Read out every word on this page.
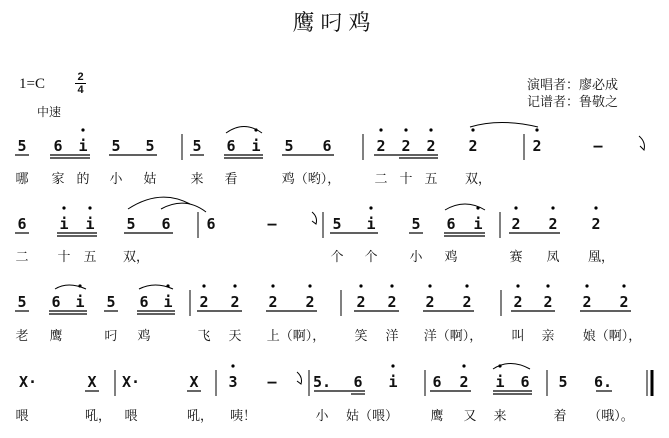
鹰叼鸡
1=C	2
4
中速
演唱者：廖必成
记谱者：鲁敬之
5 6 i 5 5	5 6 i 5 6	2 2 2 2	2	–
哪 家 的 小 姑	来 看	鸡（哟），	二 十 五 双，
6 i i 5 6 6	–	5 i 5 6 i 2 2 2
二 十 五 双，	个 个 小 鸡	赛 凤 凰，
5 6 i 5 6 i 2 2 2 2	2 2 2 2	2 2 2 2
老 鹰	叼 鸡	飞 天 上（啊）， 笑 洋 洋（啊）， 叫 亲 娘（啊），
X·	X X·	X 3 – 5. 6 i 6 2 i 6 5 6.
喂	吼， 喂	吼， 咦！	小 姑（喂） 鹰 又 来	着 （哦）。
